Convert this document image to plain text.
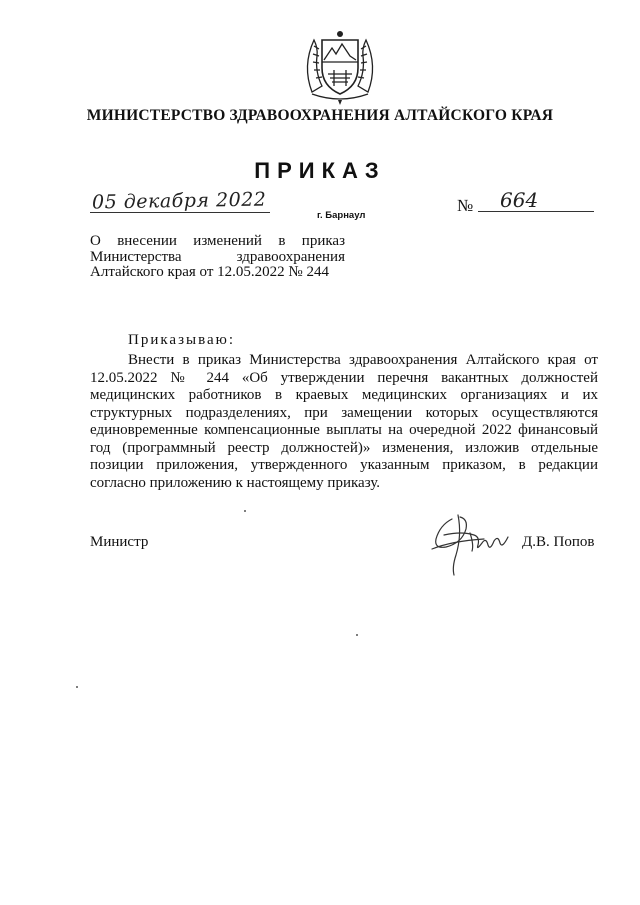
МИНИСТЕРСТВО ЗДРАВООХРАНЕНИЯ АЛТАЙСКОГО КРАЯ
ПРИКАЗ
05 декабря 2022
г. Барнаул
№ 664
О внесении изменений в приказ
Министерства здравоохранения
Алтайского края от 12.05.2022 № 244
Приказываю:
Внести в приказ Министерства здравоохранения Алтайского края от 12.05.2022 № 244 «Об утверждении перечня вакантных должностей медицинских работников в краевых медицинских организациях и их структурных подразделениях, при замещении которых осуществляются единовременные компенсационные выплаты на очередной 2022 финансовый год (программный реестр должностей)» изменения, изложив отдельные позиции приложения, утвержденного указанным приказом, в редакции согласно приложению к настоящему приказу.
Министр	Д.В. Попов
